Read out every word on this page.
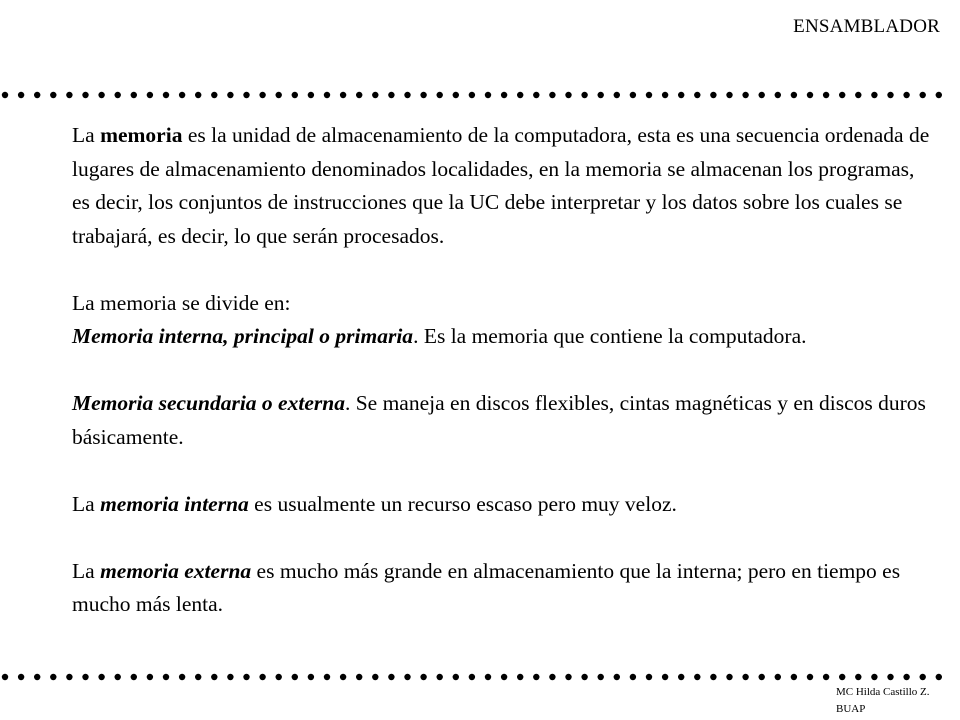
ENSAMBLADOR

La memoria es la unidad de almacenamiento de la computadora, esta es una secuencia ordenada de lugares de almacenamiento denominados localidades, en la memoria se almacenan los programas, es decir, los conjuntos de instrucciones que la UC debe interpretar y los datos sobre los cuales se trabajará, es decir, lo que serán procesados.

La memoria se divide en:

Memoria interna, principal o primaria. Es la memoria que contiene la computadora.

Memoria secundaria o externa. Se maneja en discos flexibles, cintas magnéticas y en discos duros básicamente.

La memoria interna es usualmente un recurso escaso pero muy veloz.

La memoria externa es mucho más grande en almacenamiento que la interna; pero en tiempo es mucho más lenta.

MC Hilda Castillo Z.
BUAP
